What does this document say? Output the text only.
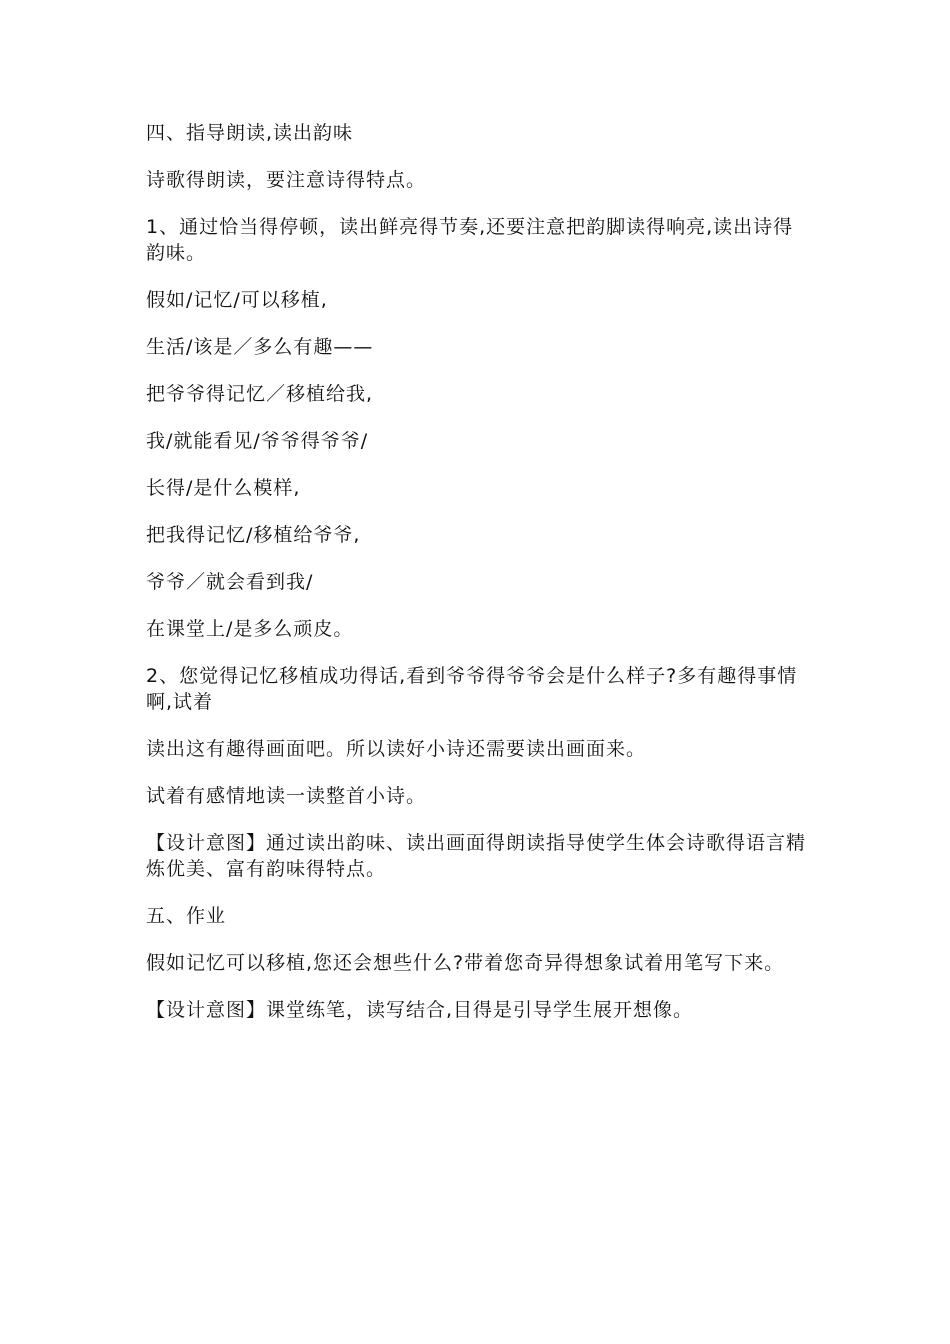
四、指导朗读,读出韵味

诗歌得朗读，要注意诗得特点。

1、通过恰当得停顿，读出鲜亮得节奏,还要注意把韵脚读得响亮,读出诗得韵味。

假如/记忆/可以移植,

生活/该是／多么有趣——

把爷爷得记忆／移植给我,

我/就能看见/爷爷得爷爷/

长得/是什么模样,

把我得记忆/移植给爷爷,

爷爷／就会看到我/

在课堂上/是多么顽皮。

2、您觉得记忆移植成功得话,看到爷爷得爷爷会是什么样子?多有趣得事情啊,试着

读出这有趣得画面吧。所以读好小诗还需要读出画面来。

试着有感情地读一读整首小诗。

【设计意图】通过读出韵味、读出画面得朗读指导使学生体会诗歌得语言精炼优美、富有韵味得特点。

五、作业

假如记忆可以移植,您还会想些什么?带着您奇异得想象试着用笔写下来。

【设计意图】课堂练笔，读写结合,目得是引导学生展开想像。
